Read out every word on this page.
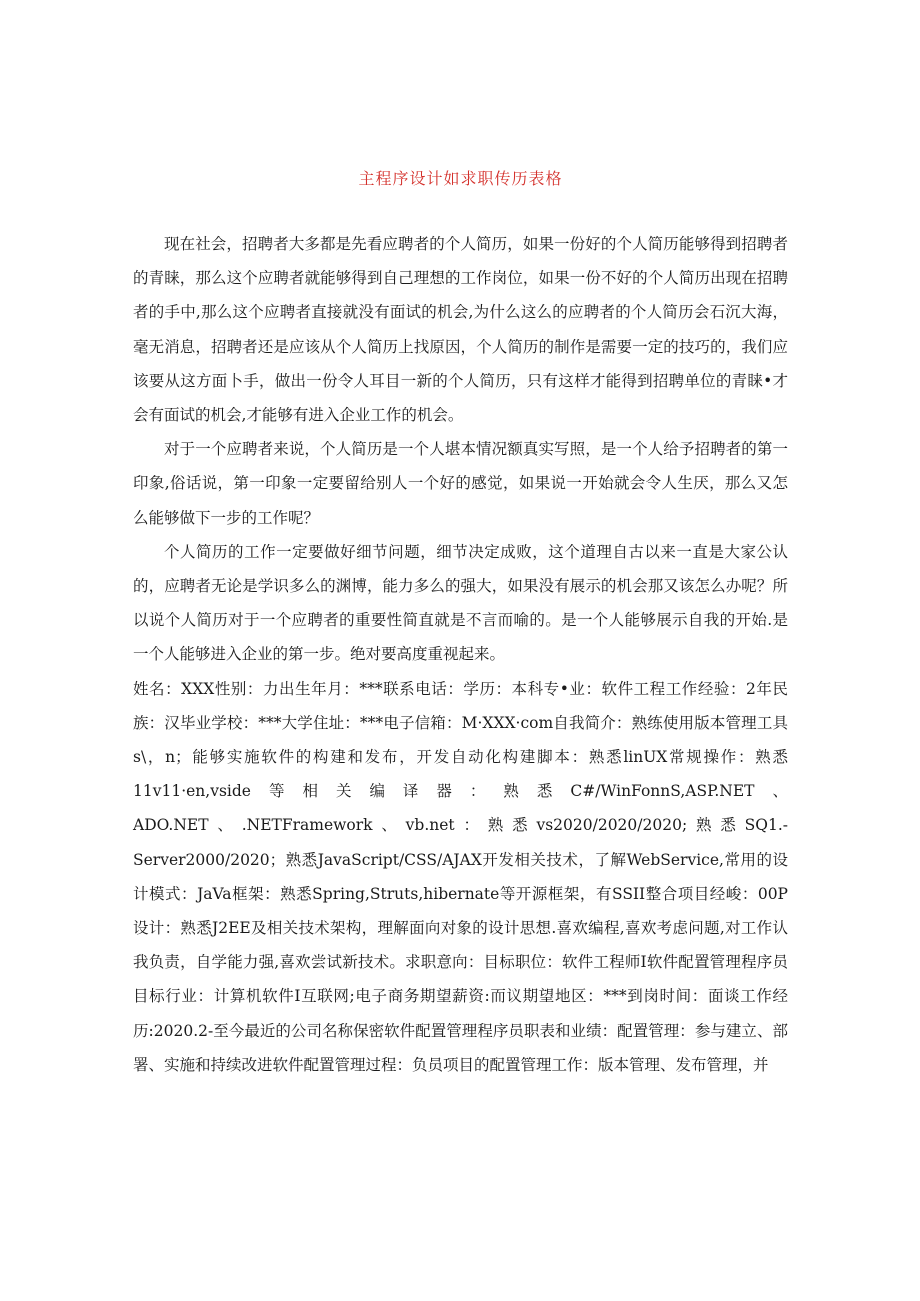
主程序设计如求职传历表格

现在社会，招聘者大多都是先看应聘者的个人简历，如果一份好的个人简历能够得到招聘者的青睐，那么这个应聘者就能够得到自己理想的工作岗位，如果一份不好的个人简历出现在招聘者的手中,那么这个应聘者直接就没有面试的机会,为什么这么的应聘者的个人简历会石沉大海，毫无消息，招聘者还是应该从个人简历上找原因，个人简历的制作是需要一定的技巧的，我们应该要从这方面卜手，做出一份令人耳目一新的个人简历，只有这样才能得到招聘单位的青睐•才会有面试的机会,才能够有进入企业工作的机会。

对于一个应聘者来说，个人简历是一个人堪本情况额真实写照，是一个人给予招聘者的第一印象,俗话说，第一印象一定要留给别人一个好的感觉，如果说一开始就会令人生厌，那么又怎么能够做下一步的工作呢？

个人简历的工作一定要做好细节问题，细节决定成败，这个道理自古以来一直是大家公认的，应聘者无论是学识多么的渊博，能力多么的强大，如果没有展示的机会那又该怎么办呢？所以说个人简历对于一个应聘者的重要性简直就是不言而喻的。是一个人能够展示自我的开始.是一个人能够进入企业的第一步。绝对要高度重视起来。

姓名：XXX性别：力出生年月：***联系电话：学历：本科专•业：软件工程工作经验：2年民族：汉毕业学校：***大学住址：***电子信箱：M·XXX·com自我简介：熟练使用版本管理工具s\，n；能够实施软件的构建和发布，开发自动化构建脚本：熟悉linUX常规操作：熟悉11v11·en,vside等相关编译器：熟悉C#/WinFonnS,ASP.NET、ADO.NET、.NETFramework、vb.net：熟悉vs2020/2020/2020;熟悉SQ1.-Server2000/2020；熟悉JavaScript/CSS/AJAX开发相关技术，了解WebService,常用的设计模式：JaVa框架：熟悉Spring,Struts,hibernate等开源框架，有SSII整合项目经峻：00P设计：熟悉J2EE及相关技术架构，理解面向对象的设计思想.喜欢编程,喜欢考虑问题,对工作认我负责，自学能力强,喜欢尝试新技术。求职意向：目标职位：软件工程师I软件配置管理程序员目标行业：计算机软件I互联网;电子商务期望薪资:而议期望地区：***到岗时间：面谈工作经历:2020.2-至今最近的公司名称保密软件配置管理程序员职表和业绩：配置管理：参与建立、部署、实施和持续改进软件配置管理过程：负员项目的配置管理工作：版本管理、发布管理，并
